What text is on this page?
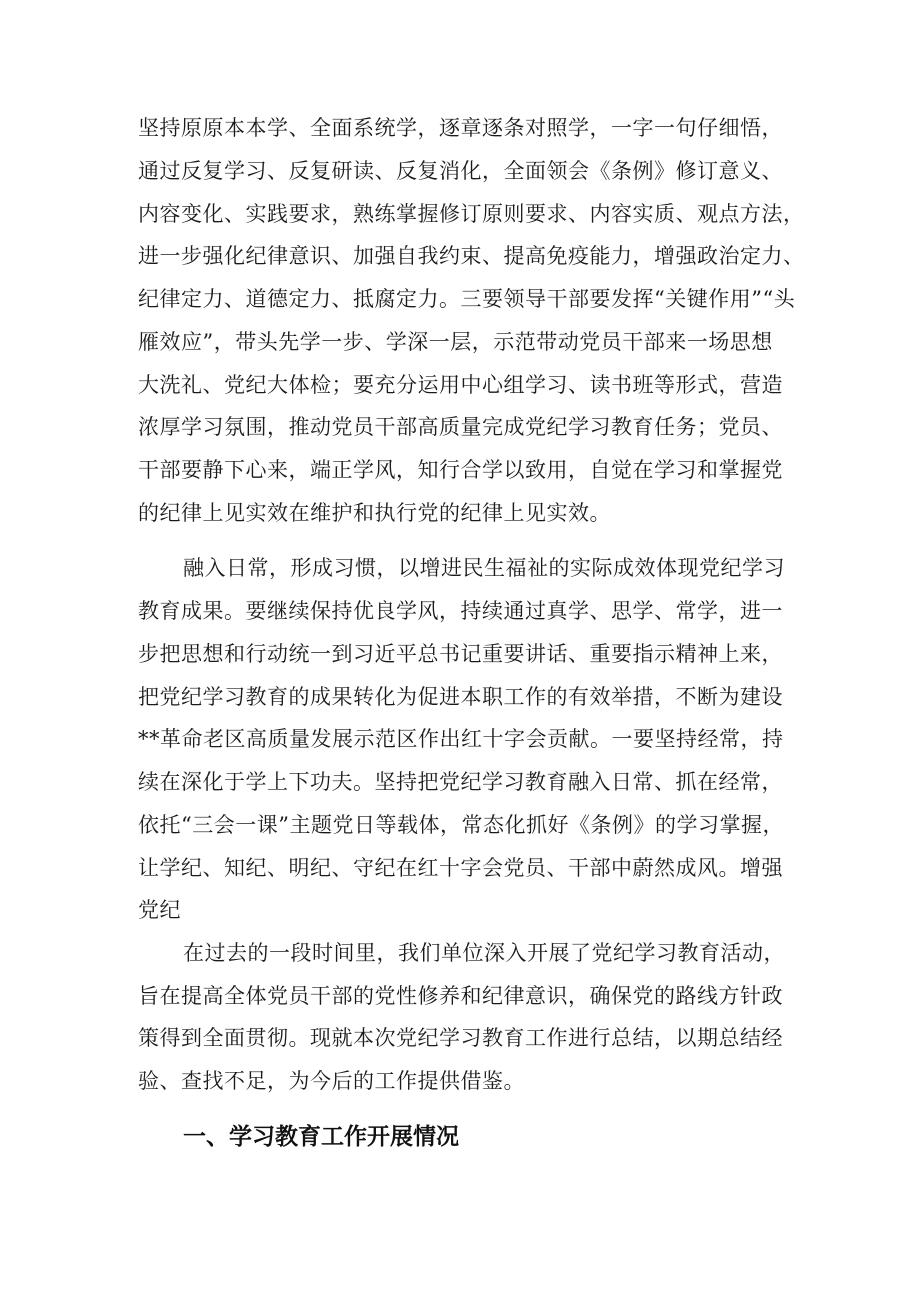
坚持原原本本学、全面系统学，逐章逐条对照学，一字一句仔细悟，
通过反复学习、反复研读、反复消化，全面领会《条例》修订意义、
内容变化、实践要求，熟练掌握修订原则要求、内容实质、观点方法，
进一步强化纪律意识、加强自我约束、提高免疫能力，增强政治定力、
纪律定力、道德定力、抵腐定力。三要领导干部要发挥“关键作用”“头
雁效应”，带头先学一步、学深一层，示范带动党员干部来一场思想
大洗礼、党纪大体检；要充分运用中心组学习、读书班等形式，营造
浓厚学习氛围，推动党员干部高质量完成党纪学习教育任务；党员、
干部要静下心来，端正学风，知行合学以致用，自觉在学习和掌握党
的纪律上见实效在维护和执行党的纪律上见实效。
融入日常，形成习惯，以增进民生福祉的实际成效体现党纪学习
教育成果。要继续保持优良学风，持续通过真学、思学、常学，进一
步把思想和行动统一到习近平总书记重要讲话、重要指示精神上来，
把党纪学习教育的成果转化为促进本职工作的有效举措，不断为建设
**革命老区高质量发展示范区作出红十字会贡献。一要坚持经常，持
续在深化于学上下功夫。坚持把党纪学习教育融入日常、抓在经常，
依托“三会一课”主题党日等载体，常态化抓好《条例》的学习掌握，
让学纪、知纪、明纪、守纪在红十字会党员、干部中蔚然成风。增强
党纪
在过去的一段时间里，我们单位深入开展了党纪学习教育活动，
旨在提高全体党员干部的党性修养和纪律意识，确保党的路线方针政
策得到全面贯彻。现就本次党纪学习教育工作进行总结，以期总结经
验、查找不足，为今后的工作提供借鉴。
一、学习教育工作开展情况
